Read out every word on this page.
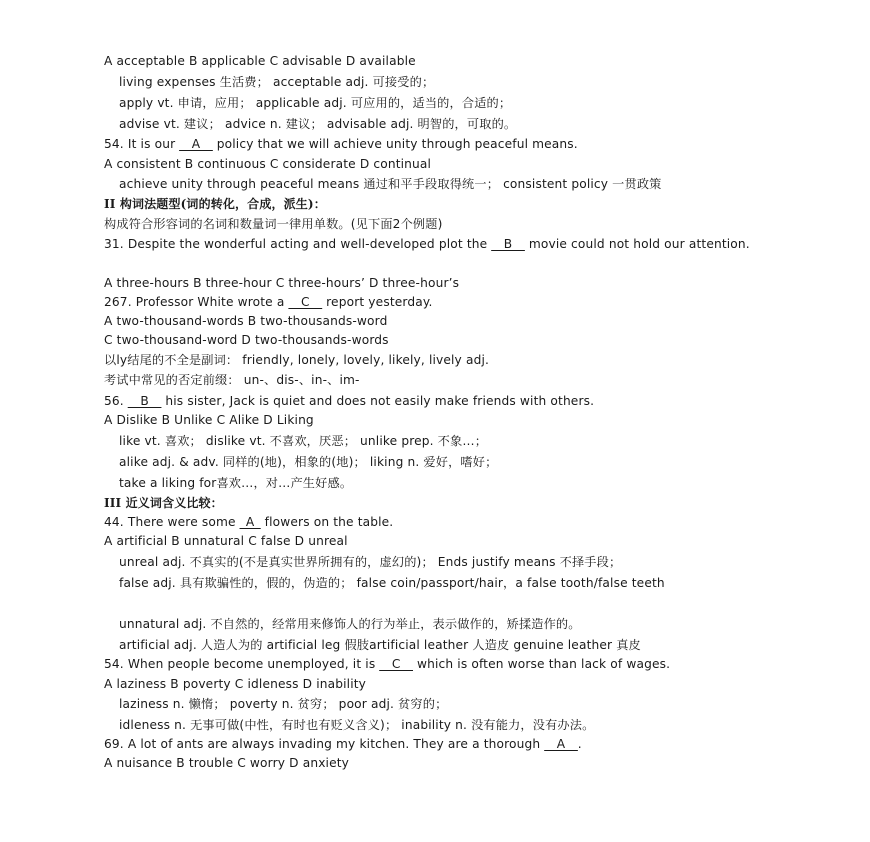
A acceptable B applicable C advisable D available
living expenses 生活费； acceptable adj. 可接受的；
apply vt. 申请，应用； applicable adj. 可应用的，适当的，合适的；
advise vt. 建议； advice n. 建议； advisable adj. 明智的，可取的。
54. It is our __A__ policy that we will achieve unity through peaceful means.
A consistent B continuous C considerate D continual
achieve unity through peaceful means 通过和平手段取得统一； consistent policy 一贯政策
II 构词法题型(词的转化，合成，派生)：
构成符合形容词的名词和数量词一律用单数。(见下面2个例题)
31. Despite the wonderful acting and well-developed plot the __B__ movie could not hold our attention.
A three-hours B three-hour C three-hours’ D three-hour’s
267. Professor White wrote a __C__ report yesterday.
A two-thousand-words B two-thousands-word
C two-thousand-word D two-thousands-words
以ly结尾的不全是副词： friendly, lonely, lovely, likely, lively adj.
考试中常见的否定前缀： un-、dis-、in-、im-
56. __B__ his sister, Jack is quiet and does not easily make friends with others.
A Dislike B Unlike C Alike D Liking
like vt. 喜欢； dislike vt. 不喜欢，厌恶； unlike prep. 不象…；
alike adj. & adv. 同样的(地)，相象的(地)； liking n. 爱好，嗜好；
take a liking for喜欢…，对…产生好感。
III 近义词含义比较：
44. There were some _A_ flowers on the table.
A artificial B unnatural C false D unreal
unreal adj. 不真实的(不是真实世界所拥有的，虚幻的)； Ends justify means 不择手段；
false adj. 具有欺骗性的，假的，伪造的； false coin/passport/hair，a false tooth/false teeth
unnatural adj. 不自然的，经常用来修饰人的行为举止，表示做作的，矫揉造作的。
artificial adj. 人造人为的 artificial leg 假肢artificial leather 人造皮 genuine leather 真皮
54. When people become unemployed, it is __C__ which is often worse than lack of wages.
A laziness B poverty C idleness D inability
laziness n. 懒惰； poverty n. 贫穷； poor adj. 贫穷的；
idleness n. 无事可做(中性，有时也有贬义含义)； inability n. 没有能力，没有办法。
69. A lot of ants are always invading my kitchen. They are a thorough __A__.
A nuisance B trouble C worry D anxiety
